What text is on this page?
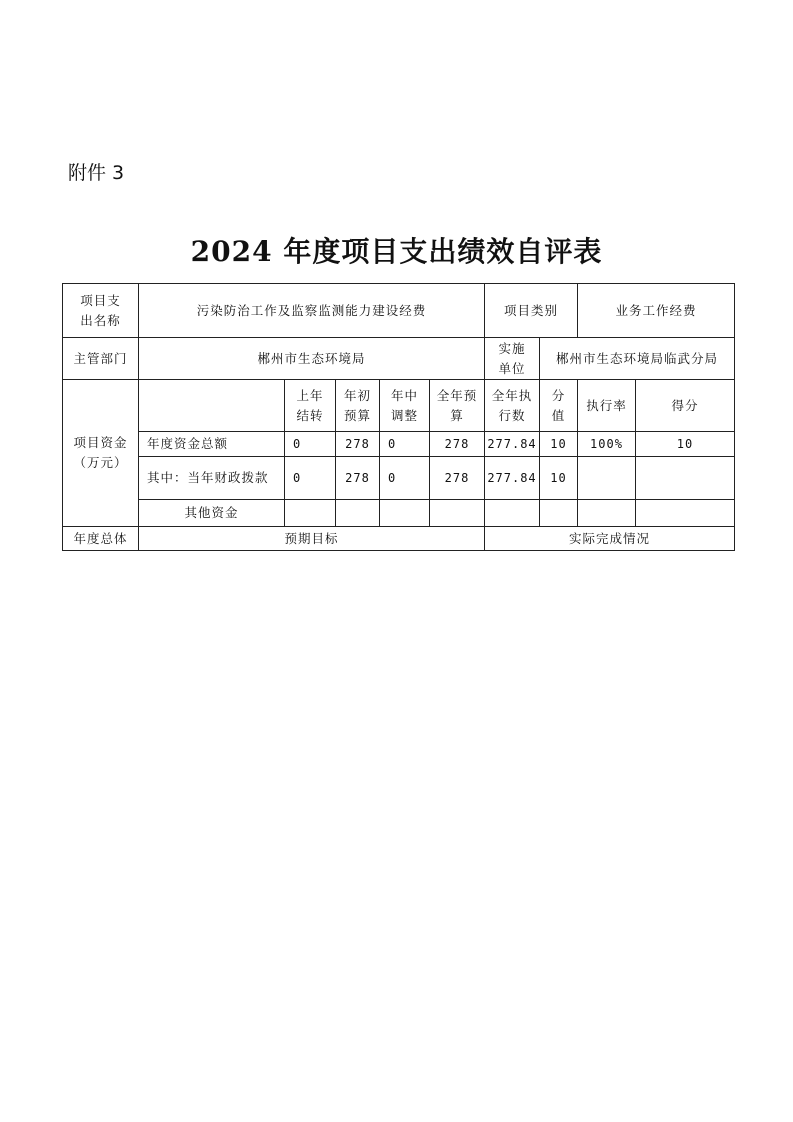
附件 3
2024 年度项目支出绩效自评表
项目支出名称	污染防治工作及监察监测能力建设经费					项目类别		业务工作经费	
主管部门	郴州市生态环境局					实施单位	郴州市生态环境局临武分局		
项目资金（万元）		上年结转	年初预算	年中调整	全年预算	全年执行数	分值	执行率	得分
	年度资金总额	0	278	0	278	277.84	10	100%	10
	其中：当年财政拨款	0	278	0	278	277.84	10		
	其他资金								
年度总体	预期目标					实际完成情况			
